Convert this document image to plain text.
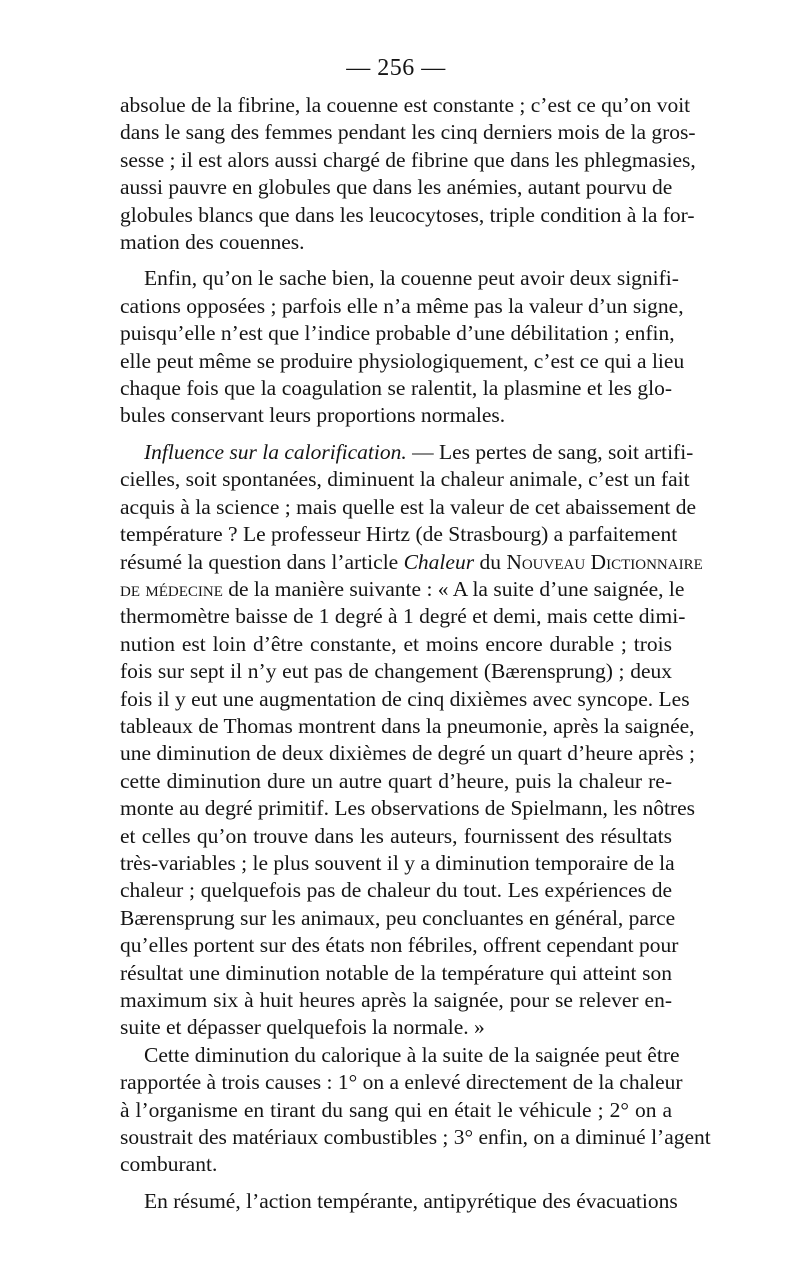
— 256 —
absolue de la fibrine, la couenne est constante ; c’est ce qu’on voit
dans le sang des femmes pendant les cinq derniers mois de la gros-
sesse ; il est alors aussi chargé de fibrine que dans les phlegmasies,
aussi pauvre en globules que dans les anémies, autant pourvu de
globules blancs que dans les leucocytoses, triple condition à la for-
mation des couennes.
Enfin, qu’on le sache bien, la couenne peut avoir deux signifi-
cations opposées ; parfois elle n’a même pas la valeur d’un signe,
puisqu’elle n’est que l’indice probable d’une débilitation ; enfin,
elle peut même se produire physiologiquement, c’est ce qui a lieu
chaque fois que la coagulation se ralentit, la plasmine et les glo-
bules conservant leurs proportions normales.
Influence sur la calorification. — Les pertes de sang, soit artifi-
cielles, soit spontanées, diminuent la chaleur animale, c’est un fait
acquis à la science ; mais quelle est la valeur de cet abaissement de
température ? Le professeur Hirtz (de Strasbourg) a parfaitement
résumé la question dans l’article Chaleur du Nouveau Dictionnaire
de médecine de la manière suivante : « A la suite d’une saignée, le
thermomètre baisse de 1 degré à 1 degré et demi, mais cette dimi-
nution est loin d’être constante, et moins encore durable ; trois
fois sur sept il n’y eut pas de changement (Bærensprung) ; deux
fois il y eut une augmentation de cinq dixièmes avec syncope. Les
tableaux de Thomas montrent dans la pneumonie, après la saignée,
une diminution de deux dixièmes de degré un quart d’heure après ;
cette diminution dure un autre quart d’heure, puis la chaleur re-
monte au degré primitif. Les observations de Spielmann, les nôtres
et celles qu’on trouve dans les auteurs, fournissent des résultats
très-variables ; le plus souvent il y a diminution temporaire de la
chaleur ; quelquefois pas de chaleur du tout. Les expériences de
Bærensprung sur les animaux, peu concluantes en général, parce
qu’elles portent sur des états non fébriles, offrent cependant pour
résultat une diminution notable de la température qui atteint son
maximum six à huit heures après la saignée, pour se relever en-
suite et dépasser quelquefois la normale. »
Cette diminution du calorique à la suite de la saignée peut être
rapportée à trois causes : 1° on a enlevé directement de la chaleur
à l’organisme en tirant du sang qui en était le véhicule ; 2° on a
soustrait des matériaux combustibles ; 3° enfin, on a diminué l’agent
comburant.
En résumé, l’action tempérante, antipyrétique des évacuations
